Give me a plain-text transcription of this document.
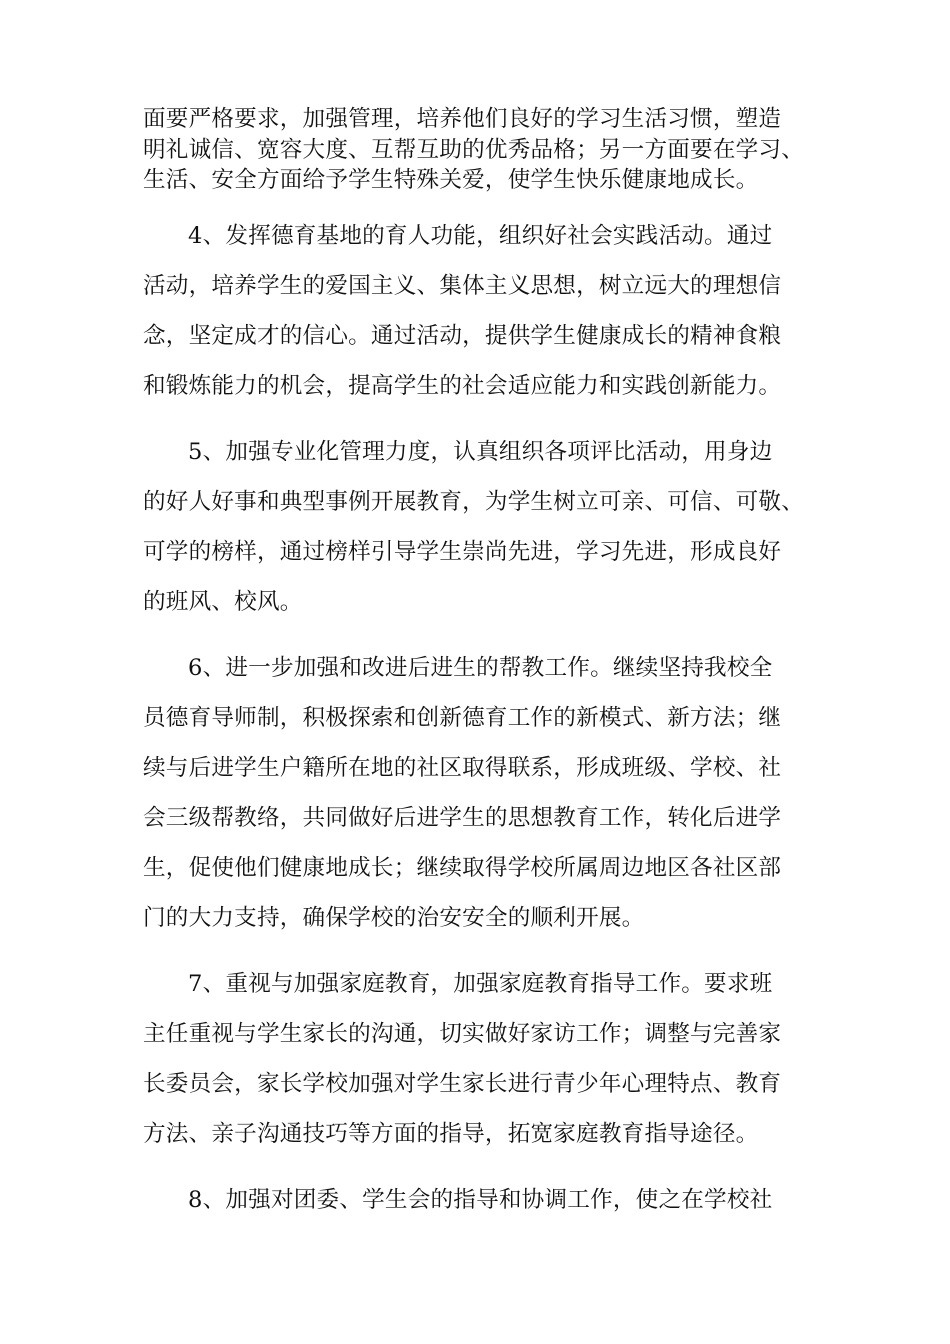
面要严格要求，加强管理，培养他们良好的学习生活习惯，塑造
明礼诚信、宽容大度、互帮互助的优秀品格；另一方面要在学习、
生活、安全方面给予学生特殊关爱，使学生快乐健康地成长。
4、发挥德育基地的育人功能，组织好社会实践活动。通过
活动，培养学生的爱国主义、集体主义思想，树立远大的理想信
念，坚定成才的信心。通过活动，提供学生健康成长的精神食粮
和锻炼能力的机会，提高学生的社会适应能力和实践创新能力。
5、加强专业化管理力度，认真组织各项评比活动，用身边
的好人好事和典型事例开展教育，为学生树立可亲、可信、可敬、
可学的榜样，通过榜样引导学生崇尚先进，学习先进，形成良好
的班风、校风。
6、进一步加强和改进后进生的帮教工作。继续坚持我校全
员德育导师制，积极探索和创新德育工作的新模式、新方法；继
续与后进学生户籍所在地的社区取得联系，形成班级、学校、社
会三级帮教络，共同做好后进学生的思想教育工作，转化后进学
生，促使他们健康地成长；继续取得学校所属周边地区各社区部
门的大力支持，确保学校的治安安全的顺利开展。
7、重视与加强家庭教育，加强家庭教育指导工作。要求班
主任重视与学生家长的沟通，切实做好家访工作；调整与完善家
长委员会，家长学校加强对学生家长进行青少年心理特点、教育
方法、亲子沟通技巧等方面的指导，拓宽家庭教育指导途径。
8、加强对团委、学生会的指导和协调工作，使之在学校社
